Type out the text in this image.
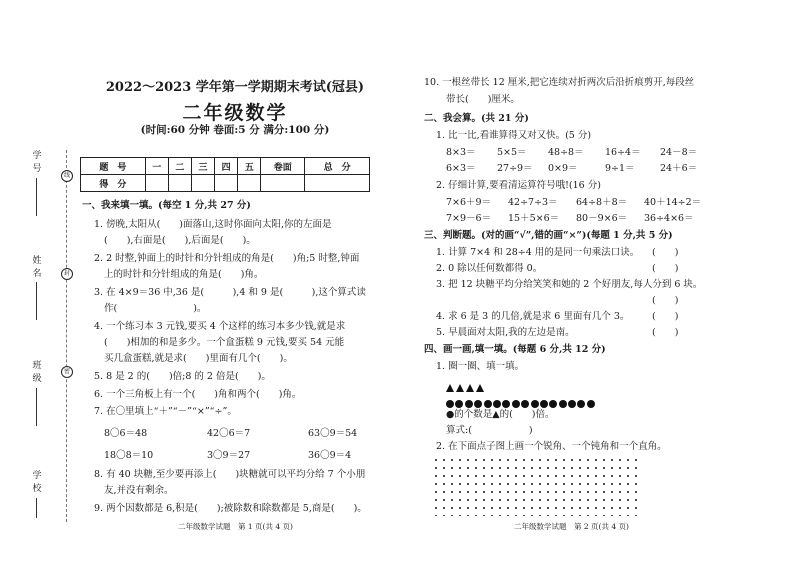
线
封
密
学 号
姓 名
班 级
学 校
2022～2023 学年第一学期期末考试(冠县)
二年级数学
(时间:60 分钟 卷面:5 分 满分:100 分)
题　号	一	二	三	四	五	卷面	总　分
得　分							
一、我来填一填。(每空 1 分,共 27 分)
1. 傍晚,太阳从(　　)面落山,这时你面向太阳,你的左面是
(　　),右面是(　　),后面是(　　)。
2. 2 时整,钟面上的时针和分针组成的角是(　　)角;5 时整,钟面
上的时针和分针组成的角是(　　)角。
3. 在 4×9＝36 中,36 是(　　　),4 和 9 是(　　　),这个算式读
作(　　　　　　　　)。
4. 一个练习本 3 元钱,要买 4 个这样的练习本多少钱,就是求
(　　)相加的和是多少。一个盒蛋糕 9 元钱,要买 54 元能
买几盒蛋糕,就是求(　　)里面有几个(　　)。
5. 8 是 2 的(　　)倍;8 的 2 倍是(　　)。
6. 一个三角板上有一个(　　)角和两个(　　)角。
7. 在〇里填上“＋”“－”“×”“÷”。
8〇6＝48	42〇6＝7	63〇9＝54
18〇8＝10	3〇9＝27	36〇9＝4
8. 有 40 块糖,至少要再添上(　　)块糖就可以平均分给 7 个小朋
友,并没有剩余。
9. 两个因数都是 6,积是(　　);被除数和除数都是 5,商是(　　)。
二年级数学试题　第 1 页(共 4 页)
10. 一根丝带长 12 厘米,把它连续对折两次后沿折痕剪开,每段丝
带长(　　)厘米。
二、我会算。(共 21 分)
1. 比一比,看谁算得又对又快。(5 分)
8×3＝ 5×5＝ 48÷8＝ 16÷4＝ 24－8＝
6×3＝ 27÷9＝ 0×9＝	9÷1＝	24＋6＝
2. 仔细计算,要看清运算符号哦!(16 分)
7×6＋9＝ 42÷7÷3＝ 64÷8＋8＝ 40＋14÷2＝
7×9－6＝ 15＋5×6＝ 80－9×6＝ 36÷4×6＝
三、判断题。(对的画“√”,错的画“×”)(每题 1 分,共 5 分)
1. 计算 7×4 和 28÷4 用的是同一句乘法口诀。 (　　)
2. 0 除以任何数都得 0。	(　　)
3. 把 12 块糖平均分给笑笑和她的 2 个好朋友,每人分到 6 块。
(　　)
4. 求 6 是 3 的几倍,就是求 6 里面有几个 3。 (　　)
5. 早晨面对太阳,我的左边是南。	(　　)
四、画一画,填一填。(每题 6 分,共 12 分)
1. 圈一圈、填一填。
●的个数是▲的(　　)倍。
算式:(　　　　　　)
2. 在下面点子图上画一个锐角、一个钝角和一个直角。
二年级数学试题　第 2 页(共 4 页)
